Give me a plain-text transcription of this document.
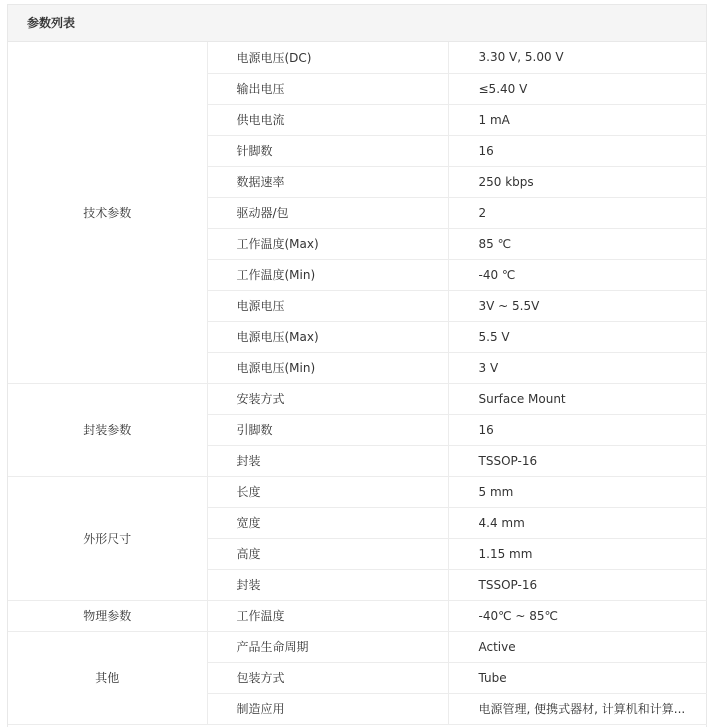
参数列表
技术参数	电源电压(DC)	3.30 V, 5.00 V
	输出电压	≤5.40 V
	供电电流	1 mA
	针脚数	16
	数据速率	250 kbps
	驱动器/包	2
	工作温度(Max)	85 ℃
	工作温度(Min)	-40 ℃
	电源电压	3V ~ 5.5V
	电源电压(Max)	5.5 V
	电源电压(Min)	3 V
封装参数	安装方式	Surface Mount
	引脚数	16
	封装	TSSOP-16
外形尺寸	长度	5 mm
	宽度	4.4 mm
	高度	1.15 mm
	封装	TSSOP-16
物理参数	工作温度	-40℃ ~ 85℃
其他	产品生命周期	Active
	包装方式	Tube
	制造应用	电源管理, 便携式器材, 计算机和计算...
